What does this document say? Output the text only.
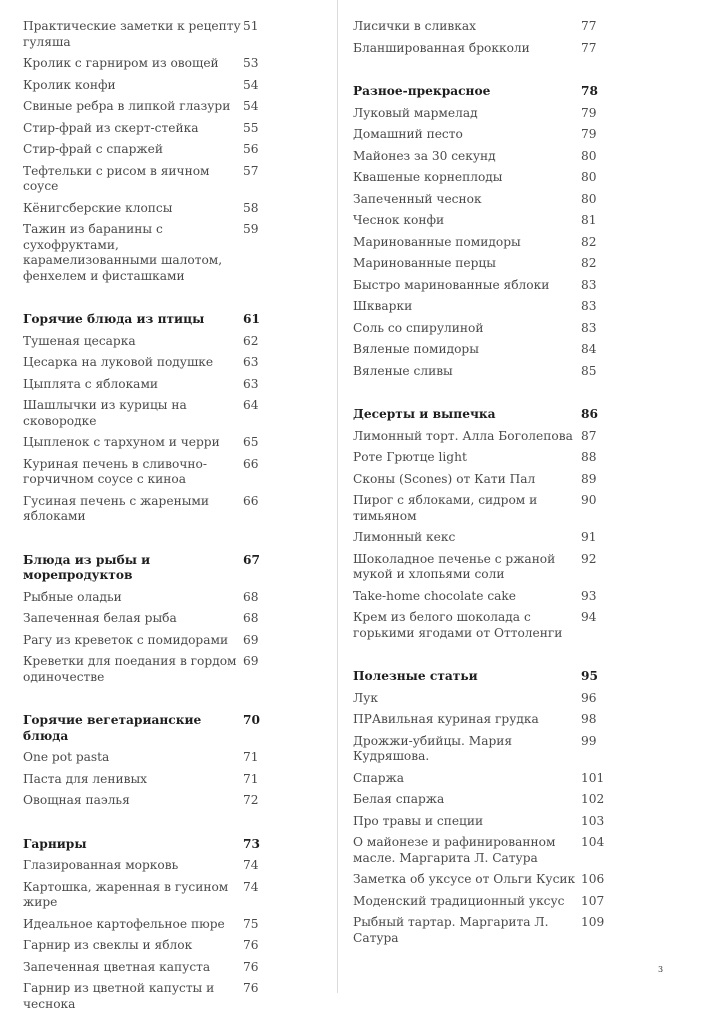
Практические заметки к рецепту гуляша
51
Кролик с гарниром из овощей	53
Кролик конфи	54
Свиные ребра в липкой глазури	54
Стир-фрай из скерт-стейка	55
Стир-фрай с спаржей	56
Тефтельки с рисом в яичном соусе
57
Кёнигсберские клопсы	58
Тажин из баранины с сухофруктами, карамелизованными шалотом, фенхелем и фисташками
59
Горячие блюда из птицы	61
Тушеная цесарка	62
Цесарка на луковой подушке	63
Цыплята с яблоками	63
Шашлычки из курицы на сковородке
64
Цыпленок с тархуном и черри	65
Куриная печень в сливочно-горчичном соусе с киноа
66
Гусиная печень с жареными яблоками
66
Блюда из рыбы и морепродуктов
67
Рыбные оладьи	68
Запеченная белая рыба	68
Рагу из креветок с помидорами	69
Креветки для поедания в гордом одиночестве
69
Горячие вегетарианские блюда
70
One pot pasta	71
Паста для ленивых	71
Овощная паэлья	72
Гарниры	73
Глазированная морковь	74
Картошка, жаренная в гусином жире
74
Идеальное картофельное пюре	75
Гарнир из свеклы и яблок	76
Запеченная цветная капуста	76
Гарнир из цветной капусты и чеснока
76
Лисички в сливках	77
Бланшированная брокколи	77
Разное-прекрасное	78
Луковый мармелад	79
Домашний песто	79
Майонез за 30 секунд	80
Квашеные корнеплоды	80
Запеченный чеснок	80
Чеснок конфи	81
Маринованные помидоры	82
Маринованные перцы	82
Быстро маринованные яблоки	83
Шкварки	83
Соль со спирулиной	83
Вяленые помидоры	84
Вяленые сливы	85
Десерты и выпечка	86
Лимонный торт. Алла Боголепова 87
Роте Грютце light	88
Сконы (Scones) от Кати Пал	89
Пирог с яблоками, сидром и тимьяном
90
Лимонный кекс	91
Шоколадное печенье с ржаной мукой и хлопьями соли
92
Take-home chocolate cake	93
Крем из белого шоколада с горькими ягодами от Оттоленги
94
Полезные статьи	95
Лук	96
ПРАвильная куриная грудка	98
Дрожжи-убийцы. Мария Кудряшова.
99
Спаржа	101
Белая спаржа	102
Про травы и специи	103
О майонезе и рафинированном масле. Маргарита Л. Сатура
104
Заметка об уксусе от Ольги Кусик 106
Моденский традиционный уксус	107
Рыбный тартар. Маргарита Л. Сатура
109
3
